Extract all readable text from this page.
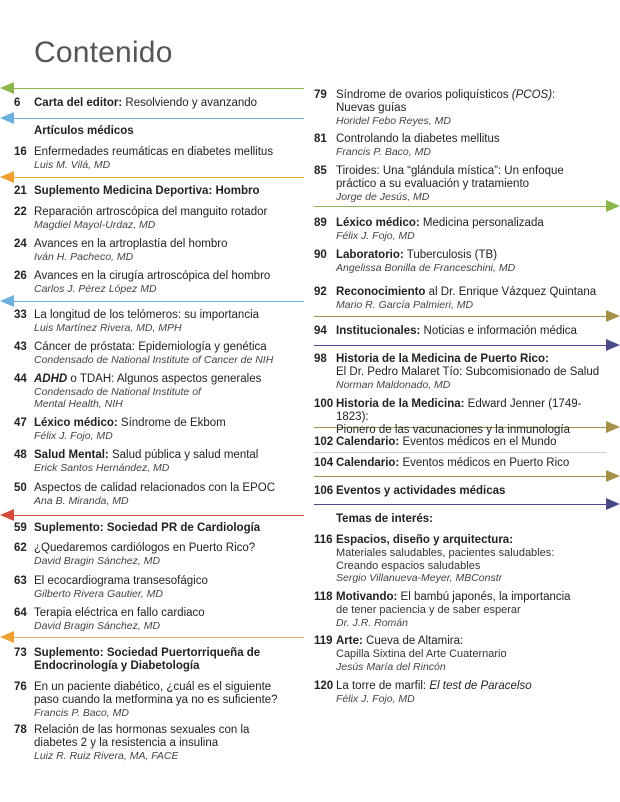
Contenido
6 Carta del editor: Resolviendo y avanzando
Artículos médicos
16 Enfermedades reumáticas en diabetes mellitus
Luis M. Vilá, MD
21 Suplemento Medicina Deportiva: Hombro
22 Reparación artroscópica del manguito rotador
Magdiel Mayol-Urdaz, MD
24 Avances en la artroplastía del hombro
Iván H. Pacheco, MD
26 Avances en la cirugía artroscópica del hombro
Carlos J. Pérez López MD
33 La longitud de los telómeros: su importancia
Luis Martínez Rivera, MD, MPH
43 Cáncer de próstata: Epidemiología y genética
Condensado de National Institute of Cancer de NIH
44 ADHD o TDAH: Algunos aspectos generales
Condensado de National Institute of
Mental Health, NIH
47 Léxico médico: Síndrome de Ekbom
Félix J. Fojo, MD
48 Salud Mental: Salud pública y salud mental
Erick Santos Hernández, MD
50 Aspectos de calidad relacionados con la EPOC
Ana B. Miranda, MD
59 Suplemento: Sociedad PR de Cardiología
62 ¿Quedaremos cardiólogos en Puerto Rico?
David Bragin Sánchez, MD
63 El ecocardiograma transesofágico
Gilberto Rivera Gautier, MD
64 Terapia eléctrica en fallo cardiaco
David Bragin Sánchez, MD
73 Suplemento: Sociedad Puertorriqueña de
Endocrinología y Diabetología
76 En un paciente diabético, ¿cuál es el siguiente
paso cuando la metformina ya no es suficiente?
Francis P. Baco, MD
78 Relación de las hormonas sexuales con la
diabetes 2 y la resistencia a insulina
Luiz R. Ruiz Rivera, MA, FACE
79 Síndrome de ovarios poliquísticos (PCOS):
Nuevas guías
Horidel Febo Reyes, MD
81 Controlando la diabetes mellitus
Francis P. Baco, MD
85 Tiroides: Una “glándula mística”: Un enfoque
práctico a su evaluación y tratamiento
Jorge de Jesús, MD
89 Léxico médico: Medicina personalizada
Félix J. Fojo, MD
90 Laboratorio: Tuberculosis (TB)
Angelissa Bonilla de Franceschini, MD
92 Reconocimiento al Dr. Enrique Vázquez Quintana
Mario R. García Palmieri, MD
94 Institucionales: Noticias e información médica
98 Historia de la Medicina de Puerto Rico:
El Dr. Pedro Malaret Tío: Subcomisionado de Salud
Norman Maldonado, MD
100 Historia de la Medicina: Edward Jenner (1749-1823):
Pionero de las vacunaciones y la inmunología
102 Calendario: Eventos médicos en el Mundo
104 Calendario: Eventos médicos en Puerto Rico
106 Eventos y actividades médicas
Temas de interés:
116 Espacios, diseño y arquitectura:
Materiales saludables, pacientes saludables:
Creando espacios saludables
Sergio Villanueva-Meyer, MBConstr
118 Motivando: El bambú japonés, la importancia
de tener paciencia y de saber esperar
Dr. J.R. Román
119 Arte: Cueva de Altamira:
Capilla Sixtina del Arte Cuaternario
Jesús María del Rincón
120 La torre de marfil: El test de Paracelso
Félix J. Fojo, MD
